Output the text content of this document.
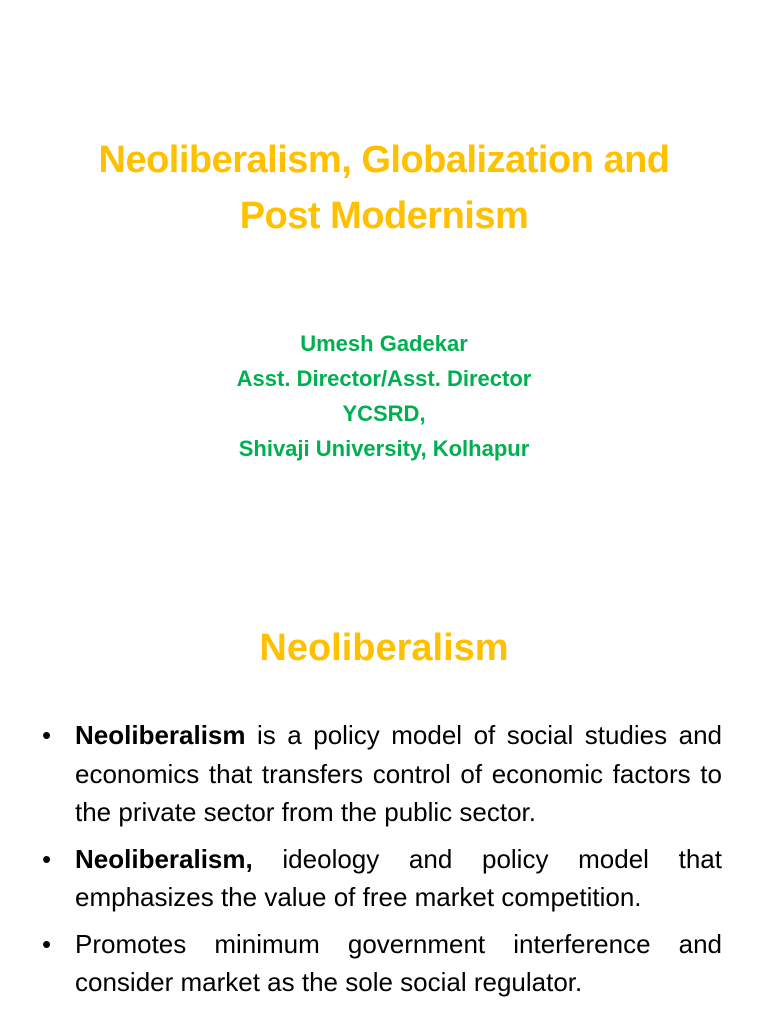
Neoliberalism, Globalization and
Post Modernism
Umesh Gadekar
Asst. Director/Asst. Director
YCSRD,
Shivaji University, Kolhapur
Neoliberalism
• Neoliberalism is a policy model of social studies and economics that transfers control of economic factors to the private sector from the public sector.
• Neoliberalism, ideology and policy model that emphasizes the value of free market competition.
• Promotes minimum government interference and consider market as the sole social regulator.
